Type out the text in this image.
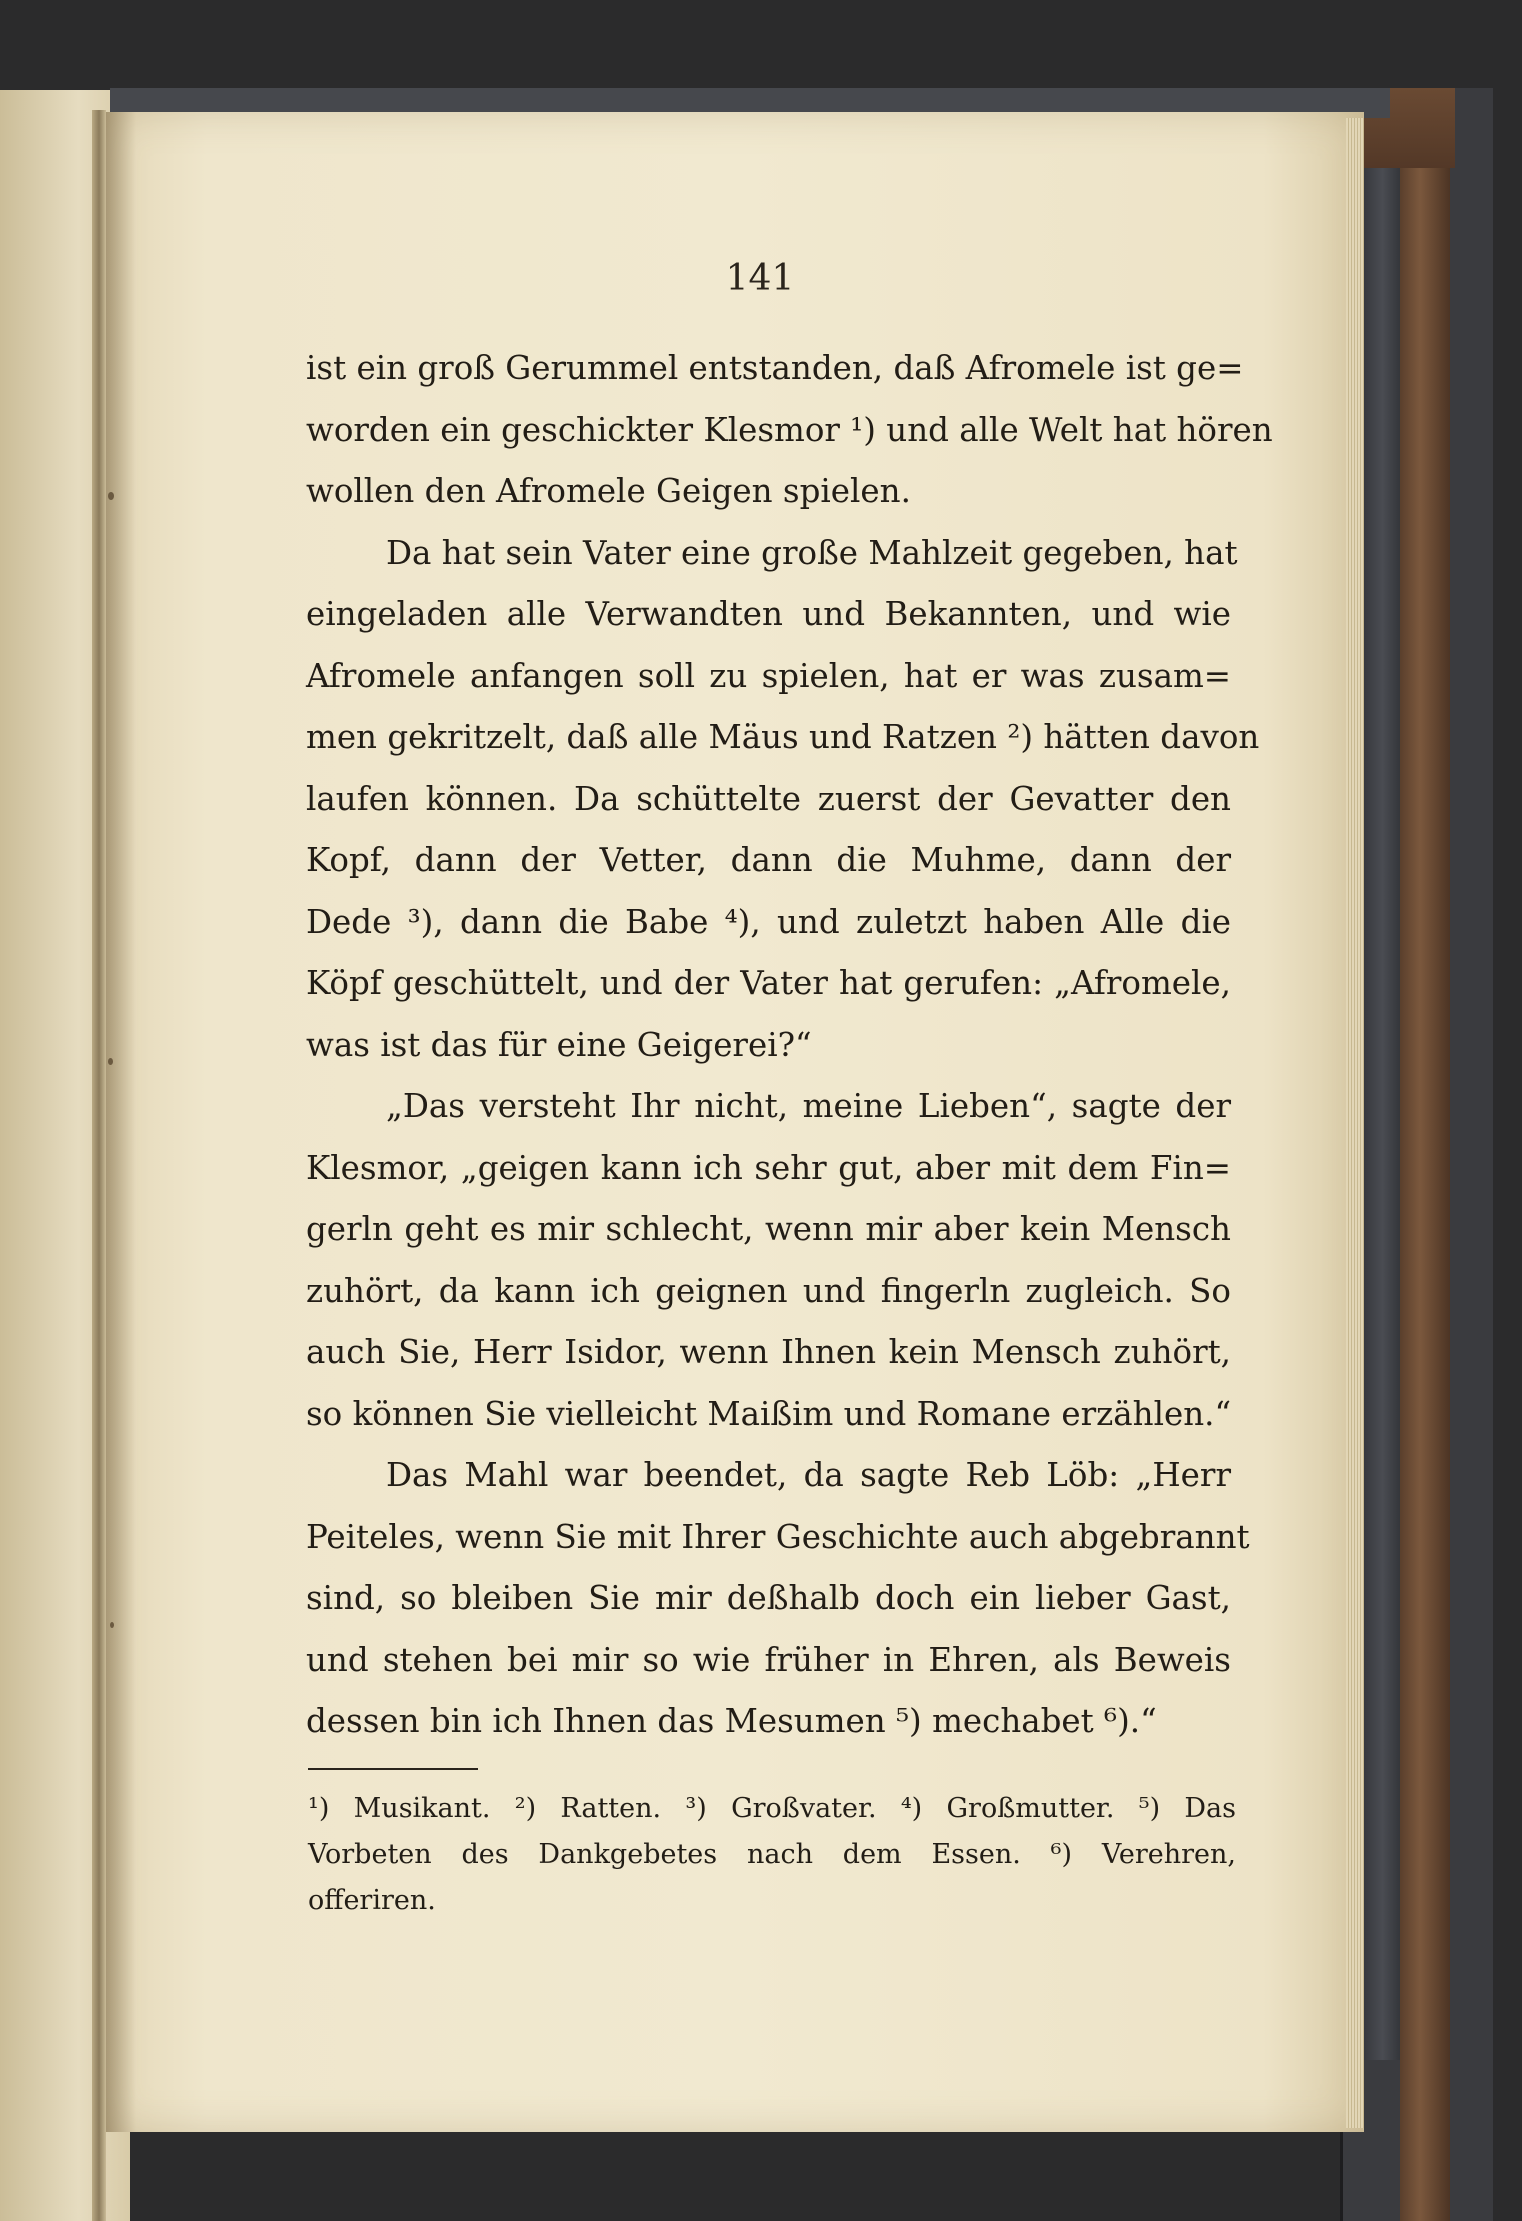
141
ist ein groß Gerummel entstanden, daß Afromele ist ge=
worden ein geschickter Klesmor ¹) und alle Welt hat hören
wollen den Afromele Geigen spielen.
Da hat sein Vater eine große Mahlzeit gegeben, hat
eingeladen alle Verwandten und Bekannten, und wie
Afromele anfangen soll zu spielen, hat er was zusam=
men gekritzelt, daß alle Mäus und Ratzen ²) hätten davon
laufen können. Da schüttelte zuerst der Gevatter den
Kopf, dann der Vetter, dann die Muhme, dann der
Dede ³), dann die Babe ⁴), und zuletzt haben Alle die
Köpf geschüttelt, und der Vater hat gerufen: „Afromele,
was ist das für eine Geigerei?“
„Das versteht Ihr nicht, meine Lieben“, sagte der
Klesmor, „geigen kann ich sehr gut, aber mit dem Fin=
gerln geht es mir schlecht, wenn mir aber kein Mensch
zuhört, da kann ich geignen und fingerln zugleich. So
auch Sie, Herr Isidor, wenn Ihnen kein Mensch zuhört,
so können Sie vielleicht Maißim und Romane erzählen.“
Das Mahl war beendet, da sagte Reb Löb: „Herr
Peiteles, wenn Sie mit Ihrer Geschichte auch abgebrannt
sind, so bleiben Sie mir deßhalb doch ein lieber Gast,
und stehen bei mir so wie früher in Ehren, als Beweis
dessen bin ich Ihnen das Mesumen ⁵) mechabet ⁶).“
¹) Musikant. ²) Ratten. ³) Großvater. ⁴) Großmutter. ⁵) Das
Vorbeten des Dankgebetes nach dem Essen. ⁶) Verehren,
offeriren.
